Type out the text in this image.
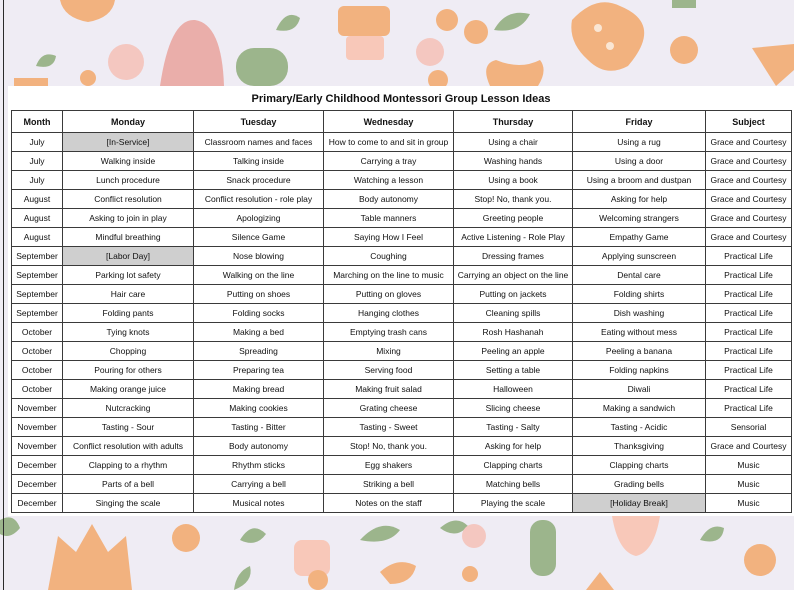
Primary/Early Childhood Montessori Group Lesson Ideas
Month	Monday	Tuesday	Wednesday	Thursday	Friday	Subject
July	[In-Service]	Classroom names and faces	How to come to and sit in group	Using a chair	Using a rug	Grace and Courtesy
July	Walking inside	Talking inside	Carrying a tray	Washing hands	Using a door	Grace and Courtesy
July	Lunch procedure	Snack procedure	Watching a lesson	Using a book	Using a broom and dustpan	Grace and Courtesy
August	Conflict resolution	Conflict resolution - role play	Body autonomy	Stop! No, thank you.	Asking for help	Grace and Courtesy
August	Asking to join in play	Apologizing	Table manners	Greeting people	Welcoming strangers	Grace and Courtesy
August	Mindful breathing	Silence Game	Saying How I Feel	Active Listening - Role Play	Empathy Game	Grace and Courtesy
September	[Labor Day]	Nose blowing	Coughing	Dressing frames	Applying sunscreen	Practical Life
September	Parking lot safety	Walking on the line	Marching on the line to music	Carrying an object on the line	Dental care	Practical Life
September	Hair care	Putting on shoes	Putting on gloves	Putting on jackets	Folding shirts	Practical Life
September	Folding pants	Folding socks	Hanging clothes	Cleaning spills	Dish washing	Practical Life
October	Tying knots	Making a bed	Emptying trash cans	Rosh Hashanah	Eating without mess	Practical Life
October	Chopping	Spreading	Mixing	Peeling an apple	Peeling a banana	Practical Life
October	Pouring for others	Preparing tea	Serving food	Setting a table	Folding napkins	Practical Life
October	Making orange juice	Making bread	Making fruit salad	Halloween	Diwali	Practical Life
November	Nutcracking	Making cookies	Grating cheese	Slicing cheese	Making a sandwich	Practical Life
November	Tasting - Sour	Tasting - Bitter	Tasting - Sweet	Tasting - Salty	Tasting - Acidic	Sensorial
November	Conflict resolution with adults	Body autonomy	Stop! No, thank you.	Asking for help	Thanksgiving	Grace and Courtesy
December	Clapping to a rhythm	Rhythm sticks	Egg shakers	Clapping charts	Clapping charts	Music
December	Parts of a bell	Carrying a bell	Striking a bell	Matching bells	Grading bells	Music
December	Singing the scale	Musical notes	Notes on the staff	Playing the scale	[Holiday Break]	Music
